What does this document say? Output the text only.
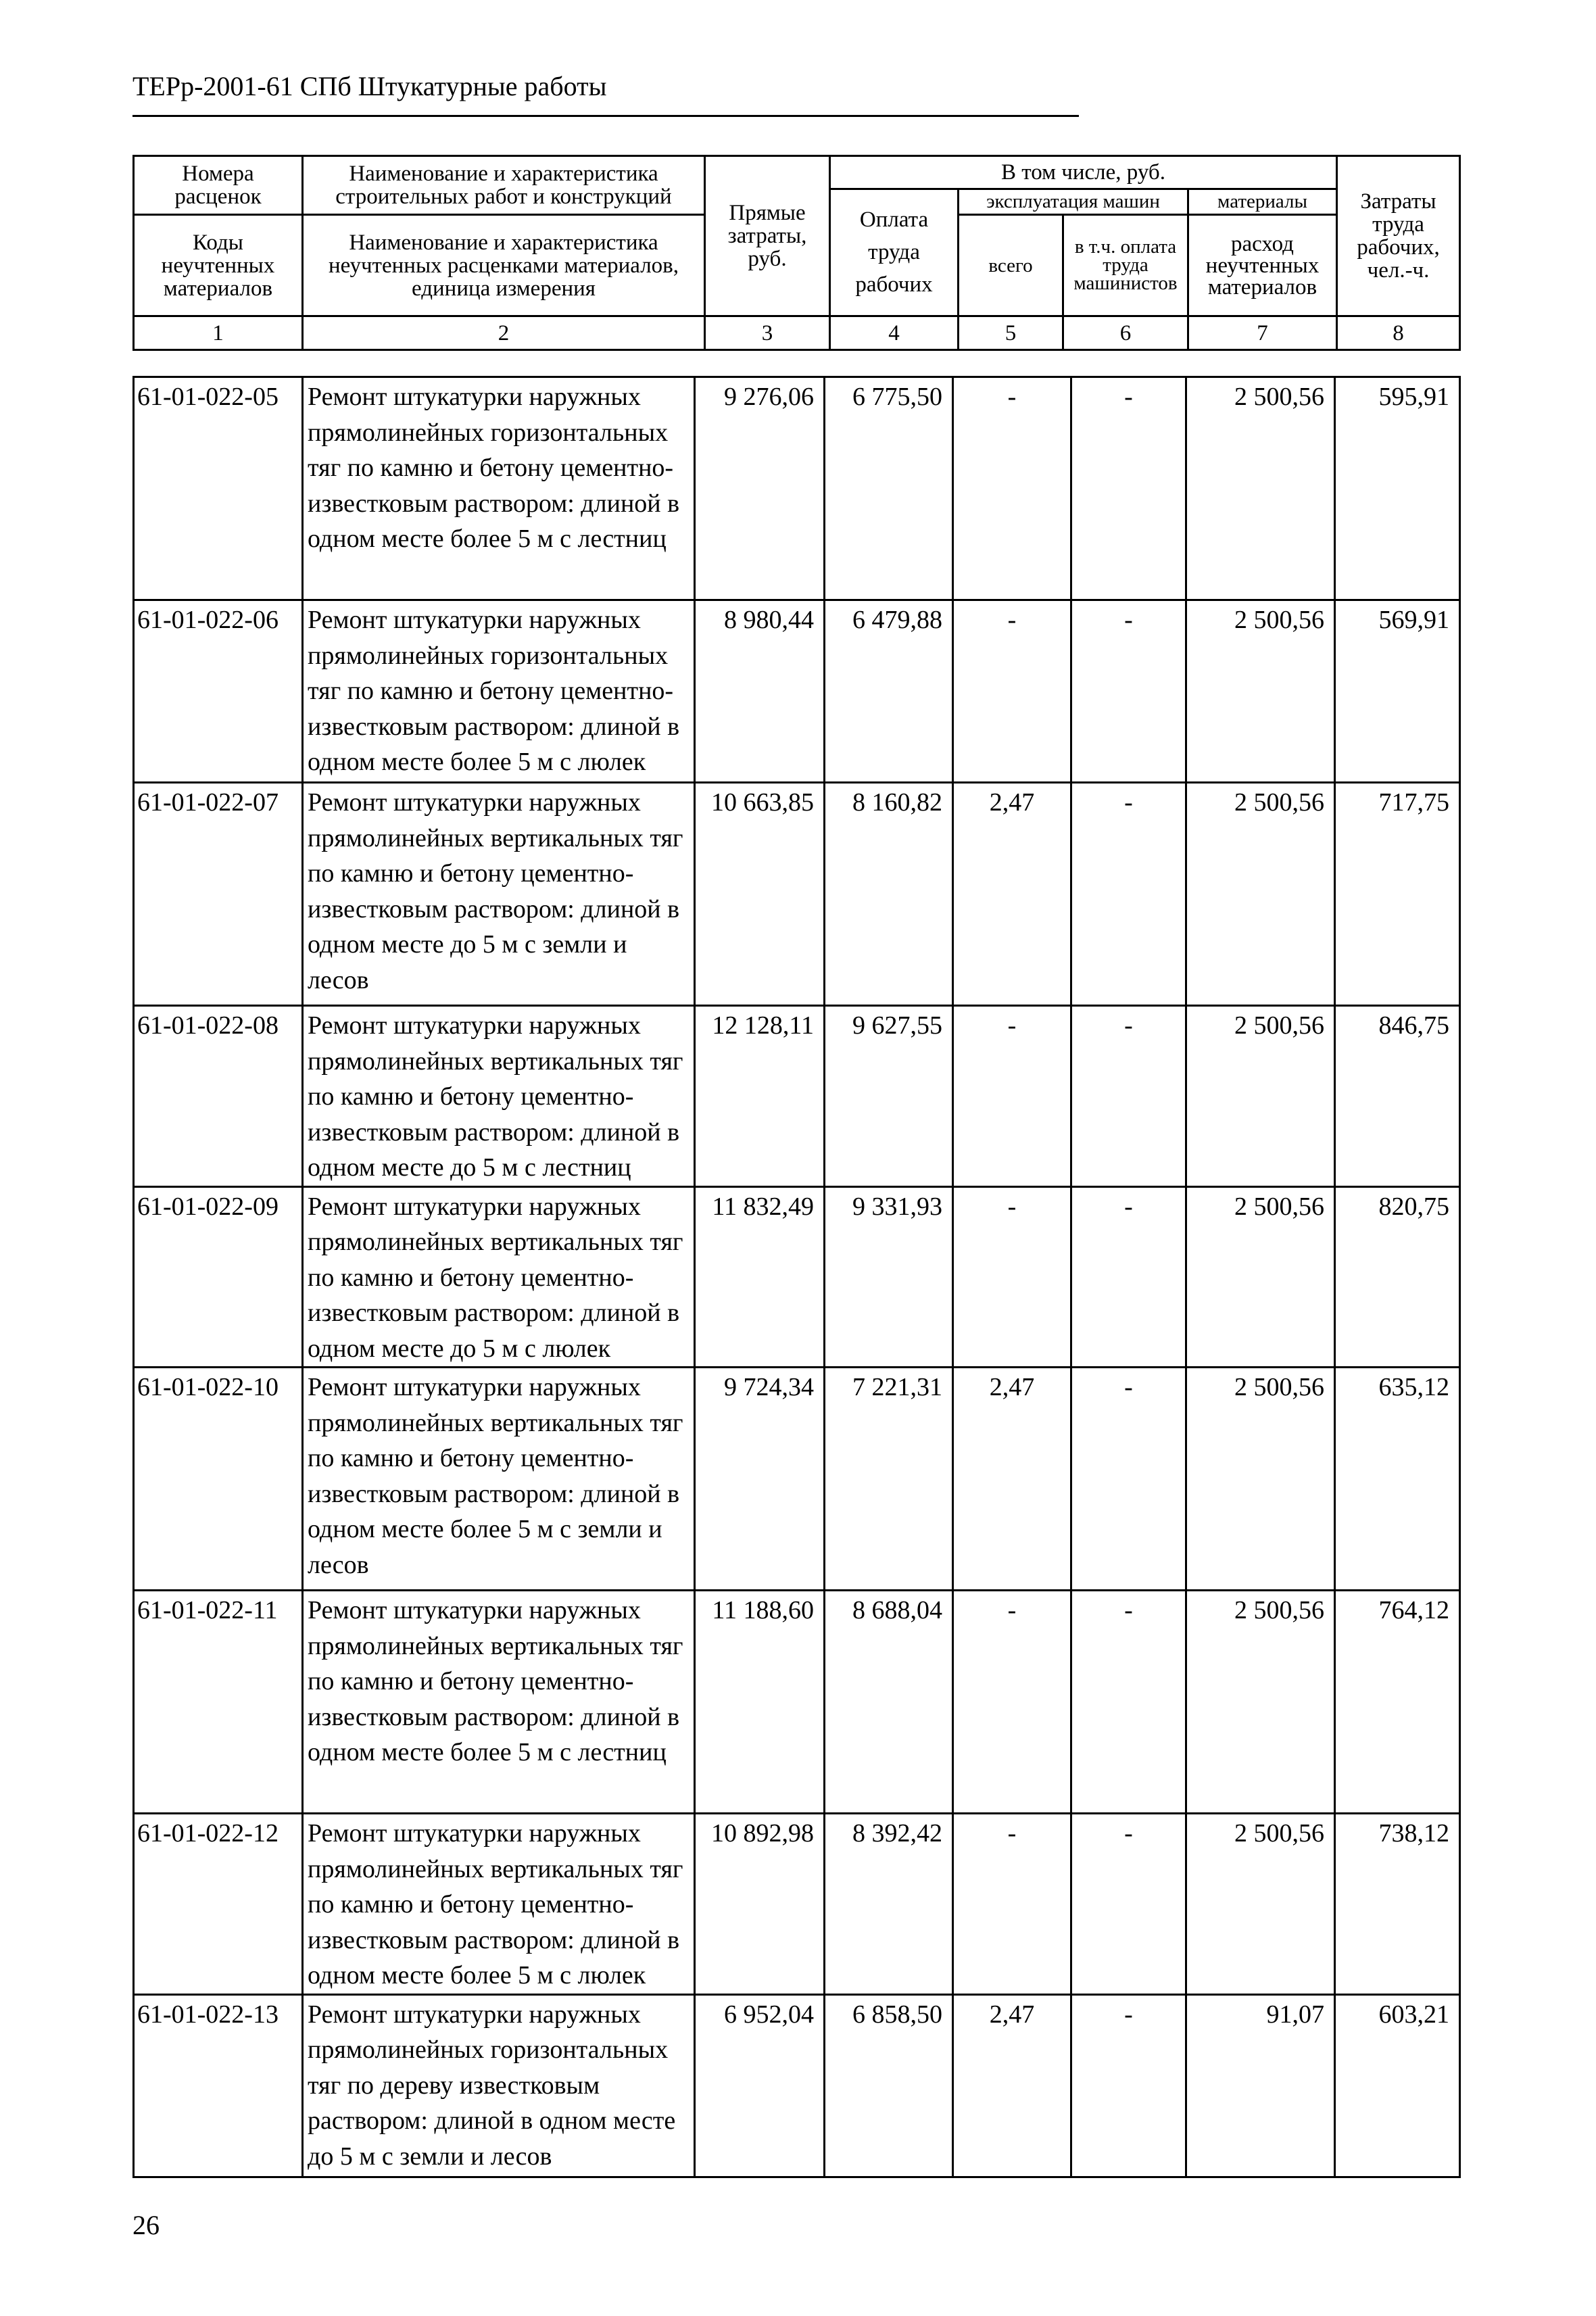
ТЕРр-2001-61 СПб Штукатурные работы
Номера расценок	Наименование и характеристика строительных работ и конструкций	Прямые затраты, руб.	В том числе, руб.				Затраты труда рабочих, чел.-ч.
			Оплата труда рабочих	эксплуатация машин		материалы	
Коды неучтенных материалов	Наименование и характеристика неучтенных расценками материалов, единица измерения			всего	в т.ч. оплата труда машинистов	расход неучтенных материалов	

1	2	3	4	5	6	7	8
61-01-022-05	Ремонт штукатурки наружных прямолинейных горизонтальных тяг по камню и бетону цементно-известковым раствором: длиной в одном месте более 5 м с лестниц	9 276,06	6 775,50	-	-	2 500,56	595,91
61-01-022-06	Ремонт штукатурки наружных прямолинейных горизонтальных тяг по камню и бетону цементно-известковым раствором: длиной в одном месте более 5 м с люлек	8 980,44	6 479,88	-	-	2 500,56	569,91
61-01-022-07	Ремонт штукатурки наружных прямолинейных вертикальных тяг по камню и бетону цементно-известковым раствором: длиной в одном месте до 5 м с земли и лесов	10 663,85	8 160,82	2,47	-	2 500,56	717,75
61-01-022-08	Ремонт штукатурки наружных прямолинейных вертикальных тяг по камню и бетону цементно-известковым раствором: длиной в одном месте до 5 м с лестниц	12 128,11	9 627,55	-	-	2 500,56	846,75
61-01-022-09	Ремонт штукатурки наружных прямолинейных вертикальных тяг по камню и бетону цементно-известковым раствором: длиной в одном месте до 5 м с люлек	11 832,49	9 331,93	-	-	2 500,56	820,75
61-01-022-10	Ремонт штукатурки наружных прямолинейных вертикальных тяг по камню и бетону цементно-известковым раствором: длиной в одном месте более 5 м с земли и лесов	9 724,34	7 221,31	2,47	-	2 500,56	635,12
61-01-022-11	Ремонт штукатурки наружных прямолинейных вертикальных тяг по камню и бетону цементно-известковым раствором: длиной в одном месте более 5 м с лестниц	11 188,60	8 688,04	-	-	2 500,56	764,12
61-01-022-12	Ремонт штукатурки наружных прямолинейных вертикальных тяг по камню и бетону цементно-известковым раствором: длиной в одном месте более 5 м с люлек	10 892,98	8 392,42	-	-	2 500,56	738,12
61-01-022-13	Ремонт штукатурки наружных прямолинейных горизонтальных тяг по дереву известковым раствором: длиной в одном месте до 5 м с земли и лесов	6 952,04	6 858,50	2,47	-	91,07	603,21
26
